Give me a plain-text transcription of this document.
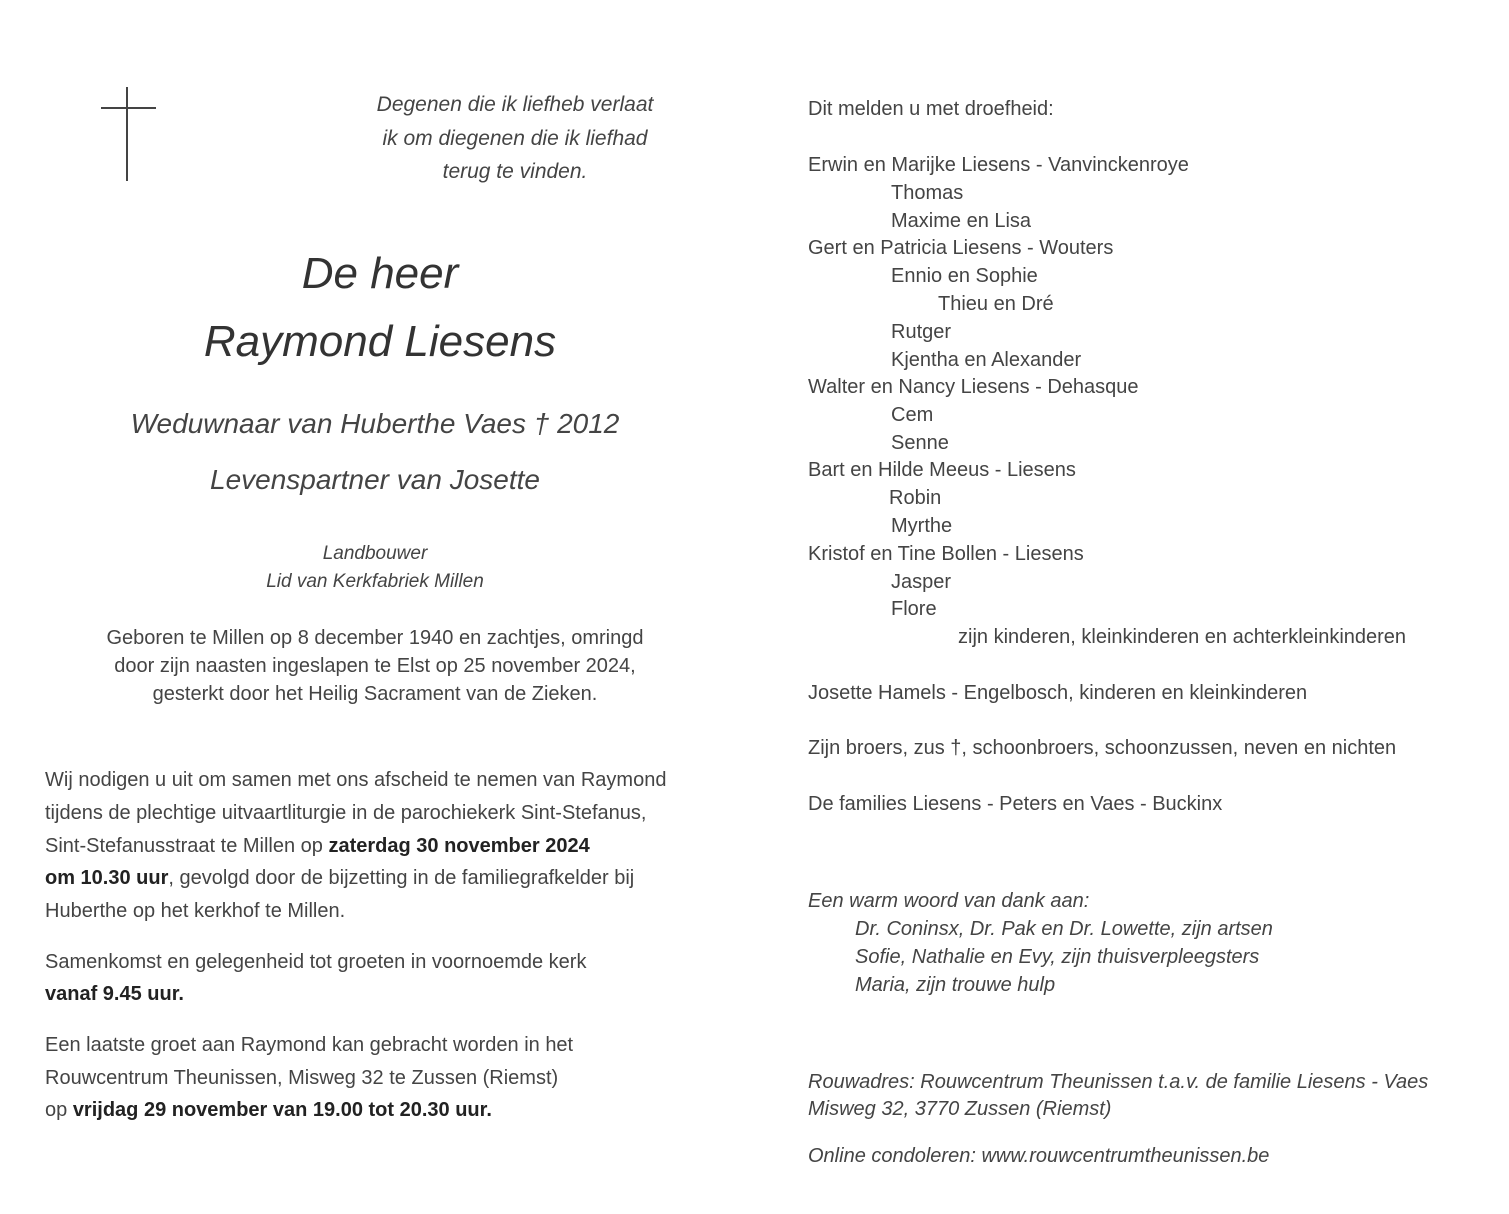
Degenen die ik liefheb verlaat
ik om diegenen die ik liefhad
terug te vinden.
De heer
Raymond Liesens
Weduwnaar van Huberthe Vaes † 2012
Levenspartner van Josette
Landbouwer
Lid van Kerkfabriek Millen
Geboren te Millen op 8 december 1940 en zachtjes, omringd
door zijn naasten ingeslapen te Elst op 25 november 2024,
gesterkt door het Heilig Sacrament van de Zieken.
Wij nodigen u uit om samen met ons afscheid te nemen van Raymond
tijdens de plechtige uitvaartliturgie in de parochiekerk Sint-Stefanus,
Sint-Stefanusstraat te Millen op zaterdag 30 november 2024
om 10.30 uur, gevolgd door de bijzetting in de familiegrafkelder bij
Huberthe op het kerkhof te Millen.
Samenkomst en gelegenheid tot groeten in voornoemde kerk
vanaf 9.45 uur.
Een laatste groet aan Raymond kan gebracht worden in het
Rouwcentrum Theunissen, Misweg 32 te Zussen (Riemst)
op vrijdag 29 november van 19.00 tot 20.30 uur.
Dit melden u met droefheid:
Erwin en Marijke Liesens - Vanvinckenroye
Thomas
Maxime en Lisa
Gert en Patricia Liesens - Wouters
Ennio en Sophie
Thieu en Dré
Rutger
Kjentha en Alexander
Walter en Nancy Liesens - Dehasque
Cem
Senne
Bart en Hilde Meeus - Liesens
Robin
Myrthe
Kristof en Tine Bollen - Liesens
Jasper
Flore
zijn kinderen, kleinkinderen en achterkleinkinderen
Josette Hamels - Engelbosch, kinderen en kleinkinderen
Zijn broers, zus †, schoonbroers, schoonzussen, neven en nichten
De families Liesens - Peters en Vaes - Buckinx
Een warm woord van dank aan:
Dr. Coninsx, Dr. Pak en Dr. Lowette, zijn artsen
Sofie, Nathalie en Evy, zijn thuisverpleegsters
Maria, zijn trouwe hulp
Rouwadres: Rouwcentrum Theunissen t.a.v. de familie Liesens - Vaes
Misweg 32, 3770 Zussen (Riemst)
Online condoleren: www.rouwcentrumtheunissen.be
